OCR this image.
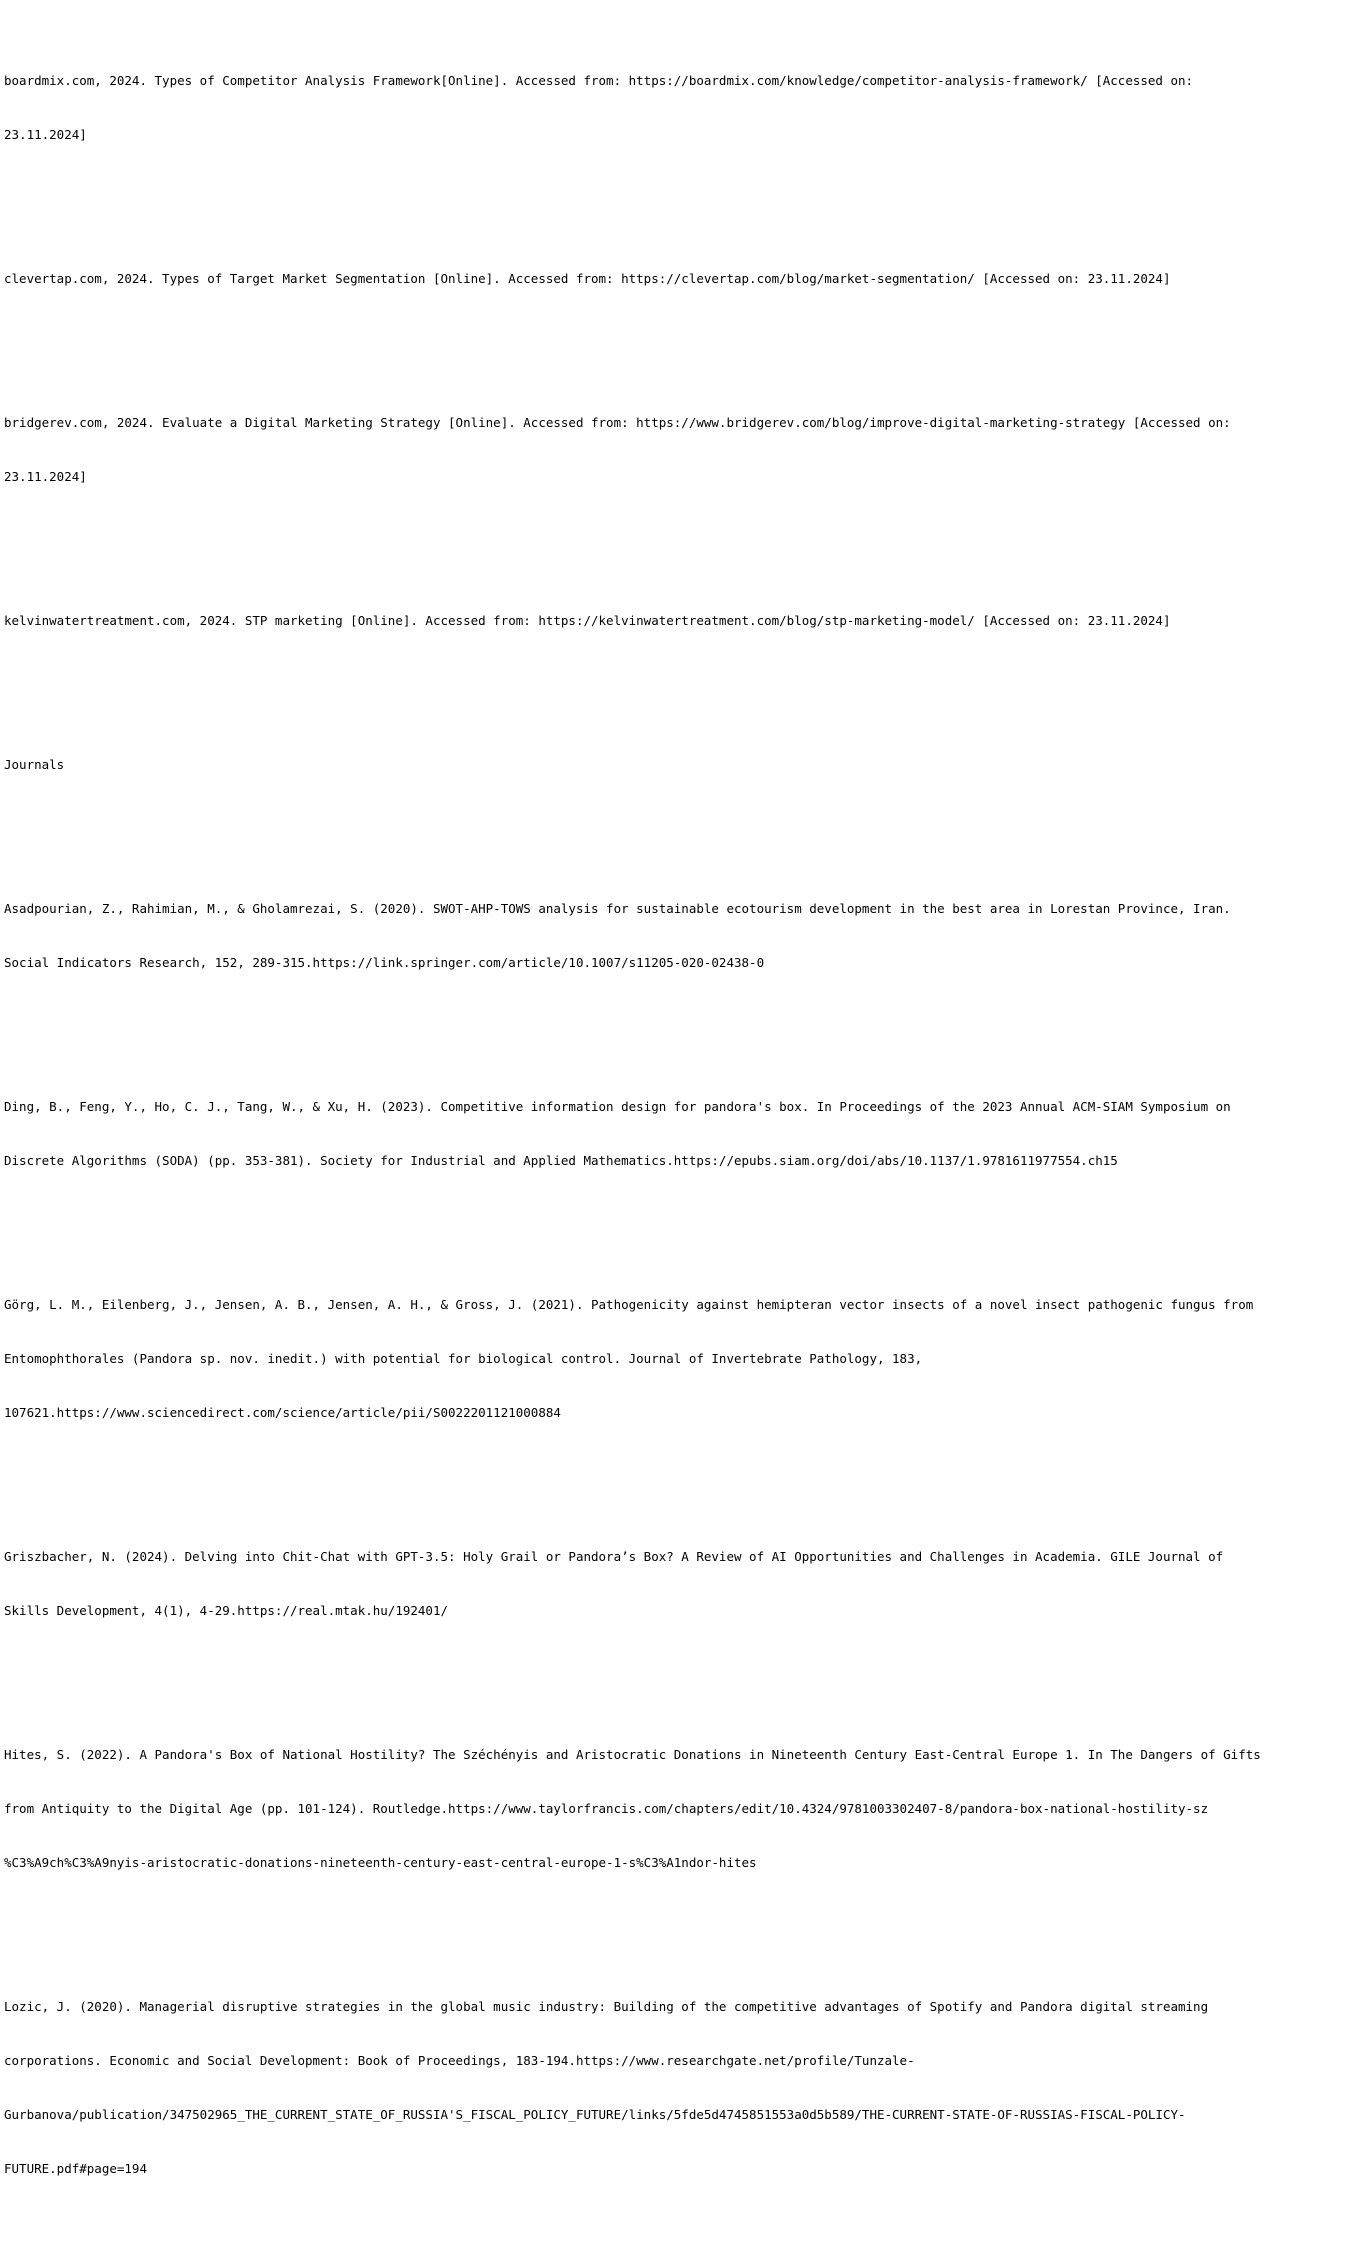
boardmix.com, 2024. Types of Competitor Analysis Framework[Online]. Accessed from: https://boardmix.com/knowledge/competitor-analysis-framework/ [Accessed on:

23.11.2024]

clevertap.com, 2024. Types of Target Market Segmentation [Online]. Accessed from: https://clevertap.com/blog/market-segmentation/ [Accessed on: 23.11.2024]

bridgerev.com, 2024. Evaluate a Digital Marketing Strategy [Online]. Accessed from: https://www.bridgerev.com/blog/improve-digital-marketing-strategy [Accessed on:

23.11.2024]

kelvinwatertreatment.com, 2024. STP marketing [Online]. Accessed from: https://kelvinwatertreatment.com/blog/stp-marketing-model/ [Accessed on: 23.11.2024]

Journals

Asadpourian, Z., Rahimian, M., & Gholamrezai, S. (2020). SWOT-AHP-TOWS analysis for sustainable ecotourism development in the best area in Lorestan Province, Iran.

Social Indicators Research, 152, 289-315.https://link.springer.com/article/10.1007/s11205-020-02438-0

Ding, B., Feng, Y., Ho, C. J., Tang, W., & Xu, H. (2023). Competitive information design for pandora's box. In Proceedings of the 2023 Annual ACM-SIAM Symposium on

Discrete Algorithms (SODA) (pp. 353-381). Society for Industrial and Applied Mathematics.https://epubs.siam.org/doi/abs/10.1137/1.9781611977554.ch15

Görg, L. M., Eilenberg, J., Jensen, A. B., Jensen, A. H., & Gross, J. (2021). Pathogenicity against hemipteran vector insects of a novel insect pathogenic fungus from

Entomophthorales (Pandora sp. nov. inedit.) with potential for biological control. Journal of Invertebrate Pathology, 183,

107621.https://www.sciencedirect.com/science/article/pii/S0022201121000884

Griszbacher, N. (2024). Delving into Chit-Chat with GPT-3.5: Holy Grail or Pandora’s Box? A Review of AI Opportunities and Challenges in Academia. GILE Journal of

Skills Development, 4(1), 4-29.https://real.mtak.hu/192401/

Hites, S. (2022). A Pandora's Box of National Hostility? The Széchényis and Aristocratic Donations in Nineteenth Century East-Central Europe 1. In The Dangers of Gifts

from Antiquity to the Digital Age (pp. 101-124). Routledge.https://www.taylorfrancis.com/chapters/edit/10.4324/9781003302407-8/pandora-box-national-hostility-sz

%C3%A9ch%C3%A9nyis-aristocratic-donations-nineteenth-century-east-central-europe-1-s%C3%A1ndor-hites

Lozic, J. (2020). Managerial disruptive strategies in the global music industry: Building of the competitive advantages of Spotify and Pandora digital streaming

corporations. Economic and Social Development: Book of Proceedings, 183-194.https://www.researchgate.net/profile/Tunzale-

Gurbanova/publication/347502965_THE_CURRENT_STATE_OF_RUSSIA'S_FISCAL_POLICY_FUTURE/links/5fde5d4745851553a0d5b589/THE-CURRENT-STATE-OF-RUSSIAS-FISCAL-POLICY-

FUTURE.pdf#page=194
